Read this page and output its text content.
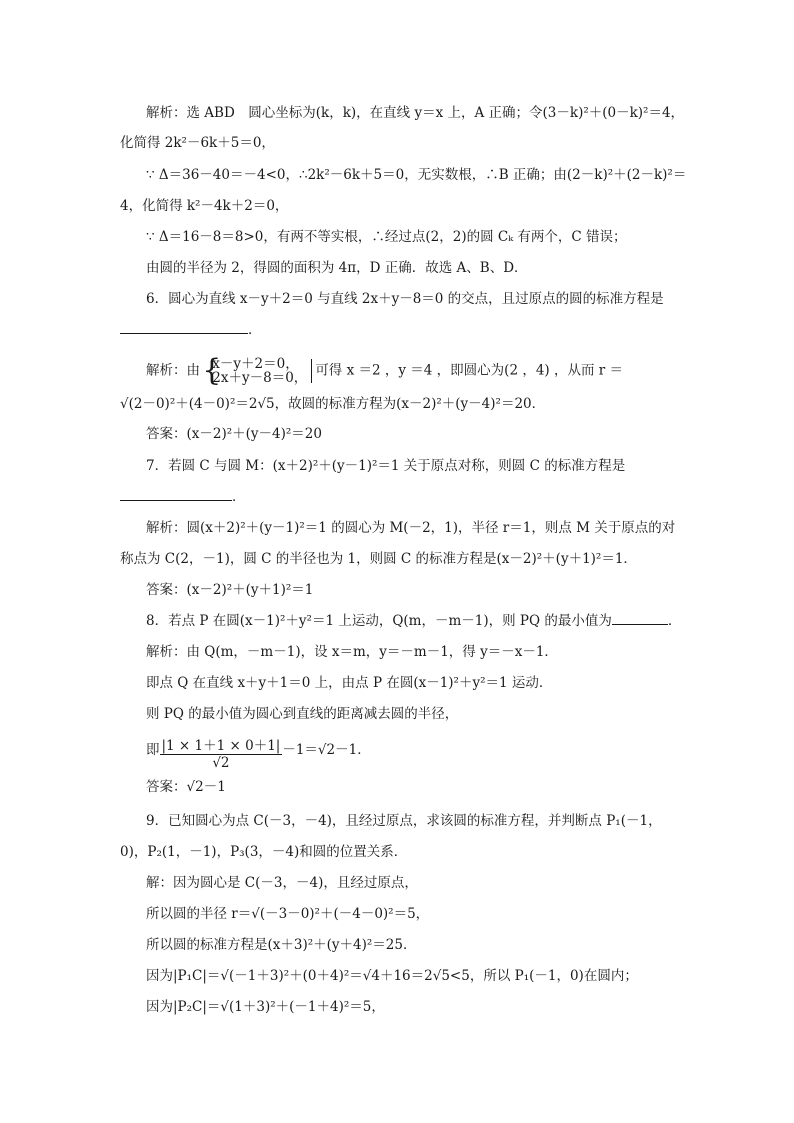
解析：选 ABD　圆心坐标为(k，k)，在直线 y＝x 上，A 正确；令(3－k)²＋(0－k)²＝4，
化简得 2k²－6k＋5＝0，
∵ Δ＝36－40＝－4<0，∴2k²－6k＋5＝0，无实数根，∴B 正确；由(2－k)²＋(2－k)²＝
4，化简得 k²－4k＋2＝0，
∵ Δ＝16－8＝8>0，有两不等实根，∴经过点(2，2)的圆 Cₖ 有两个，C 错误；
由圆的半径为 2，得圆的面积为 4π，D 正确．故选 A、B、D．
6．圆心为直线 x－y＋2＝0 与直线 2x＋y－8＝0 的交点，且过原点的圆的标准方程是
．
解析：由 {
x－y＋2＝0，
2x＋y－8＝0， 可得 x ＝2 ，y ＝4 ，即圆心为(2 ，4) ，从而 r ＝
√(2－0)²＋(4－0)²＝2√5，故圆的标准方程为(x－2)²＋(y－4)²＝20．
答案：(x－2)²＋(y－4)²＝20
7．若圆 C 与圆 M：(x＋2)²＋(y－1)²＝1 关于原点对称，则圆 C 的标准方程是
．
解析：圆(x＋2)²＋(y－1)²＝1 的圆心为 M(－2，1)，半径 r＝1，则点 M 关于原点的对
称点为 C(2，－1)，圆 C 的半径也为 1，则圆 C 的标准方程是(x－2)²＋(y＋1)²＝1．
答案：(x－2)²＋(y＋1)²＝1
8．若点 P 在圆(x－1)²＋y²＝1 上运动，Q(m，－m－1)，则 PQ 的最小值为	．
解析：由 Q(m，－m－1)，设 x＝m，y＝－m－1，得 y＝－x－1．
即点 Q 在直线 x＋y＋1＝0 上，由点 P 在圆(x－1)²＋y²＝1 运动．
则 PQ 的最小值为圆心到直线的距离减去圆的半径，
即 $\frac{|1 \times 1+1 \times 0+1|}{√2} -1=√2-1$．
答案：√2－1
9．已知圆心为点 C(－3，－4)，且经过原点，求该圆的标准方程，并判断点 P₁(－1，
0)，P₂(1，－1)，P₃(3，－4)和圆的位置关系．
解：因为圆心是 C(－3，－4)，且经过原点，
所以圆的半径 r＝√(－3－0)²＋(－4－0)²＝5，
所以圆的标准方程是(x＋3)²＋(y＋4)²＝25．
因为|P₁C|＝√(－1＋3)²＋(0＋4)²＝√4＋16＝2√5<5，所以 P₁(－1，0)在圆内；
因为|P₂C|＝√(1＋3)²＋(－1＋4)²＝5，
